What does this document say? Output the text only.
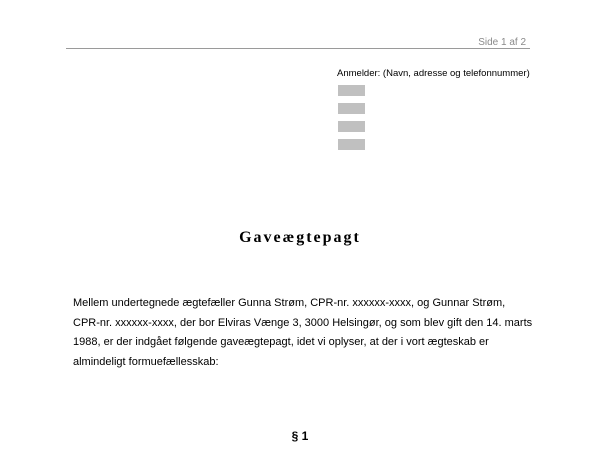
Side 1 af 2
Anmelder: (Navn, adresse og telefonnummer)
Gaveægtepagt

Mellem undertegnede ægtefæller Gunna Strøm, CPR-nr. xxxxxx-xxxx, og Gunnar Strøm, CPR-nr. xxxxxx-xxxx, der bor Elviras Vænge 3, 3000 Helsingør, og som blev gift den 14. marts 1988, er der indgået følgende gaveægtepagt, idet vi oplyser, at der i vort ægteskab er almindeligt formuefællesskab:

§ 1
